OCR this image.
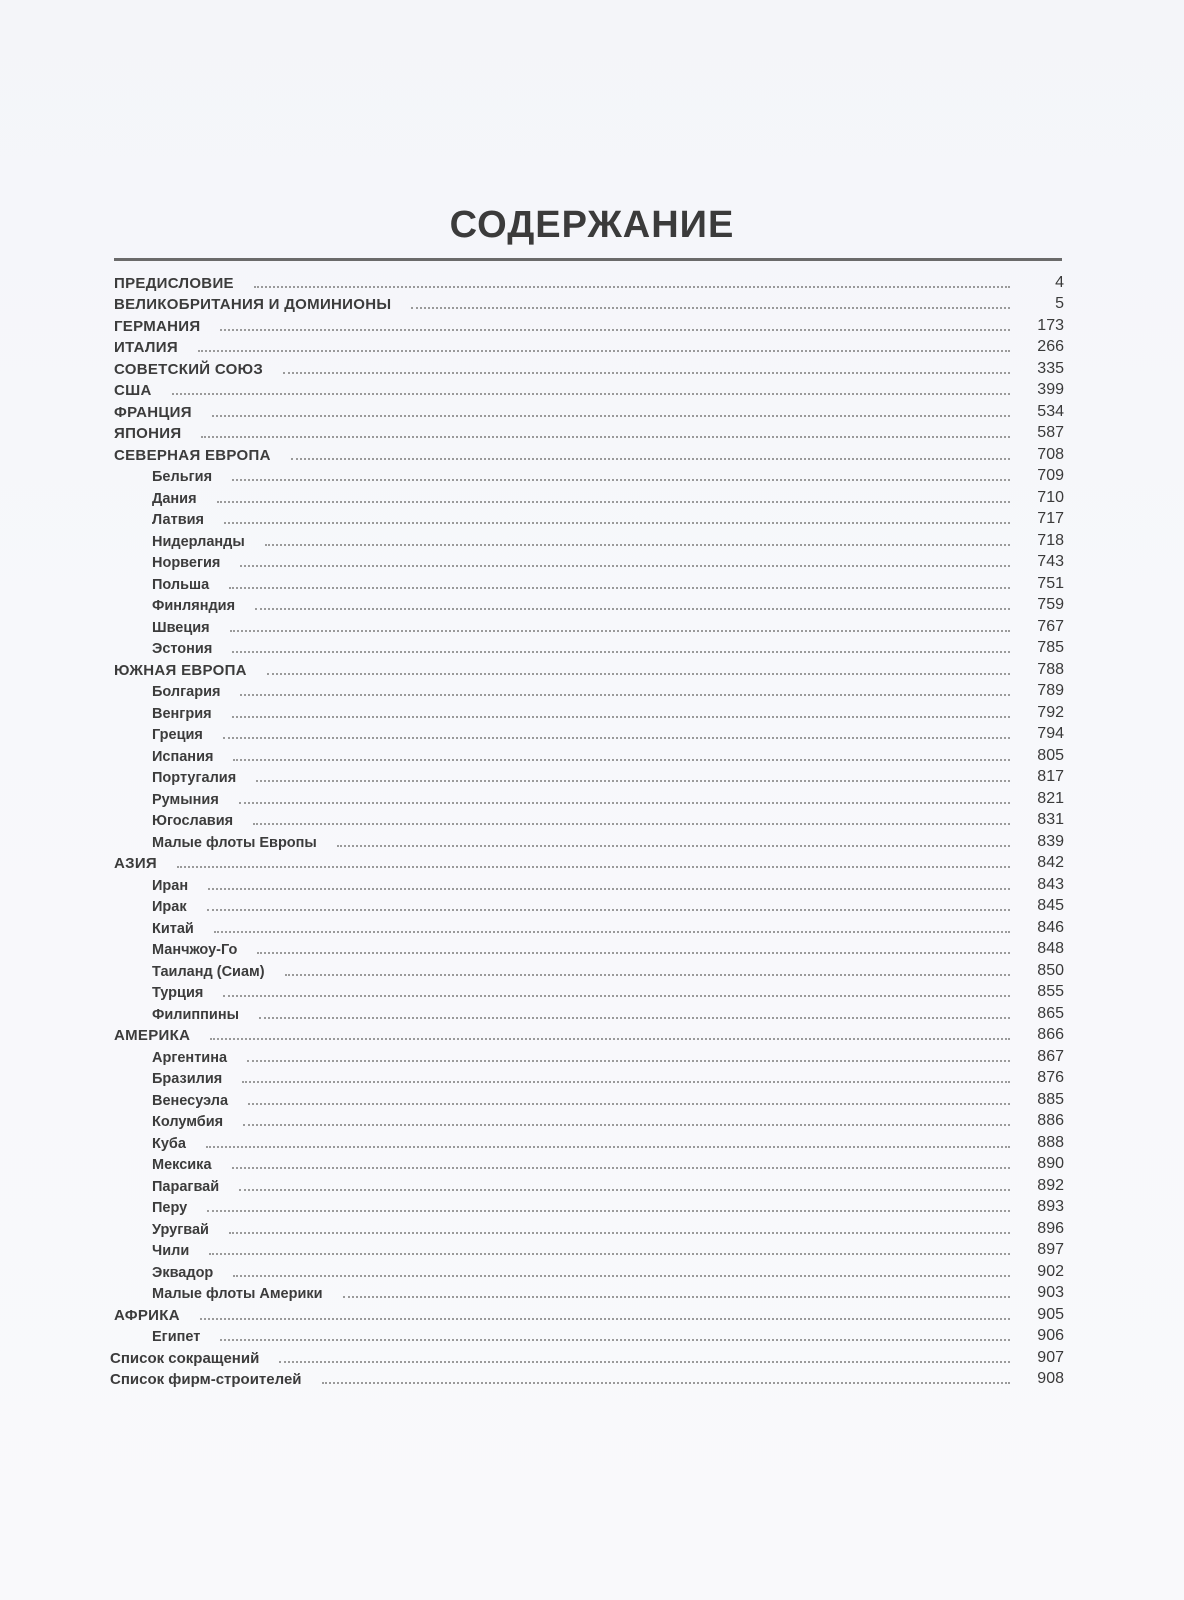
СОДЕРЖАНИЕ
ПРЕДИСЛОВИЕ	4
ВЕЛИКОБРИТАНИЯ И ДОМИНИОНЫ	5
ГЕРМАНИЯ	173
ИТАЛИЯ	266
СОВЕТСКИЙ СОЮЗ	335
США	399
ФРАНЦИЯ	534
ЯПОНИЯ	587
СЕВЕРНАЯ ЕВРОПА	708
Бельгия	709
Дания	710
Латвия	717
Нидерланды	718
Норвегия	743
Польша	751
Финляндия	759
Швеция	767
Эстония	785
ЮЖНАЯ ЕВРОПА	788
Болгария	789
Венгрия	792
Греция	794
Испания	805
Португалия	817
Румыния	821
Югославия	831
Малые флоты Европы	839
АЗИЯ	842
Иран	843
Ирак	845
Китай	846
Манчжоу-Го	848
Таиланд (Сиам)	850
Турция	855
Филиппины	865
АМЕРИКА	866
Аргентина	867
Бразилия	876
Венесуэла	885
Колумбия	886
Куба	888
Мексика	890
Парагвай	892
Перу	893
Уругвай	896
Чили	897
Эквадор	902
Малые флоты Америки	903
АФРИКА	905
Египет	906
Список сокращений	907
Список фирм-строителей	908
